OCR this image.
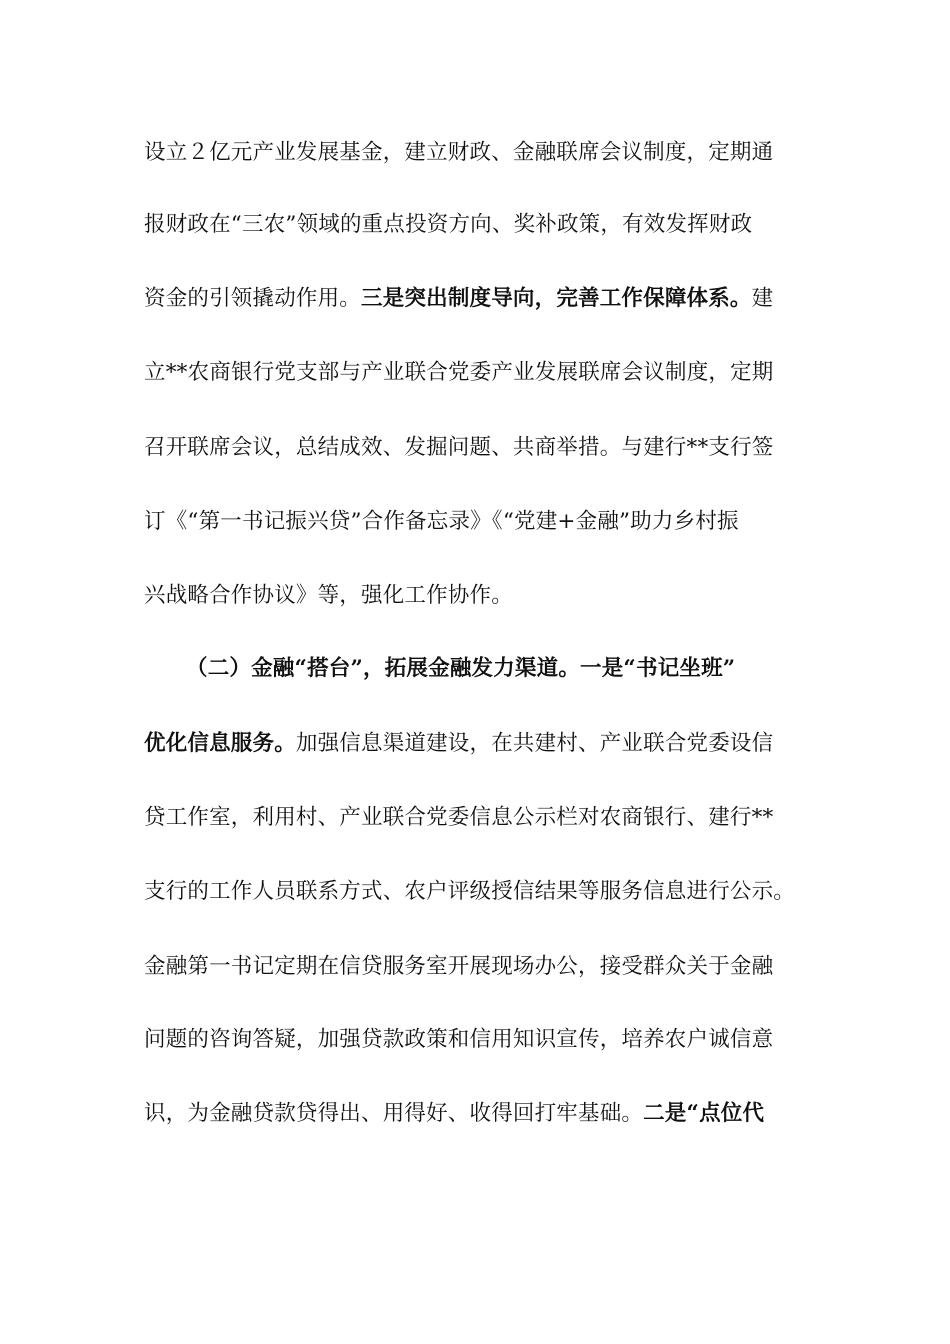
设立２亿元产业发展基金，建立财政、金融联席会议制度，定期通
报财政在“三农”领域的重点投资方向、奖补政策，有效发挥财政
资金的引领撬动作用。三是突出制度导向，完善工作保障体系。建
立**农商银行党支部与产业联合党委产业发展联席会议制度，定期
召开联席会议，总结成效、发掘问题、共商举措。与建行**支行签
订《“第一书记振兴贷”合作备忘录》《“党建+金融”助力乡村振
兴战略合作协议》等，强化工作协作。
（二）金融“搭台”，拓展金融发力渠道。一是“书记坐班”
优化信息服务。加强信息渠道建设，在共建村、产业联合党委设信
贷工作室，利用村、产业联合党委信息公示栏对农商银行、建行**
支行的工作人员联系方式、农户评级授信结果等服务信息进行公示。
金融第一书记定期在信贷服务室开展现场办公，接受群众关于金融
问题的咨询答疑，加强贷款政策和信用知识宣传，培养农户诚信意
识，为金融贷款贷得出、用得好、收得回打牢基础。二是“点位代
